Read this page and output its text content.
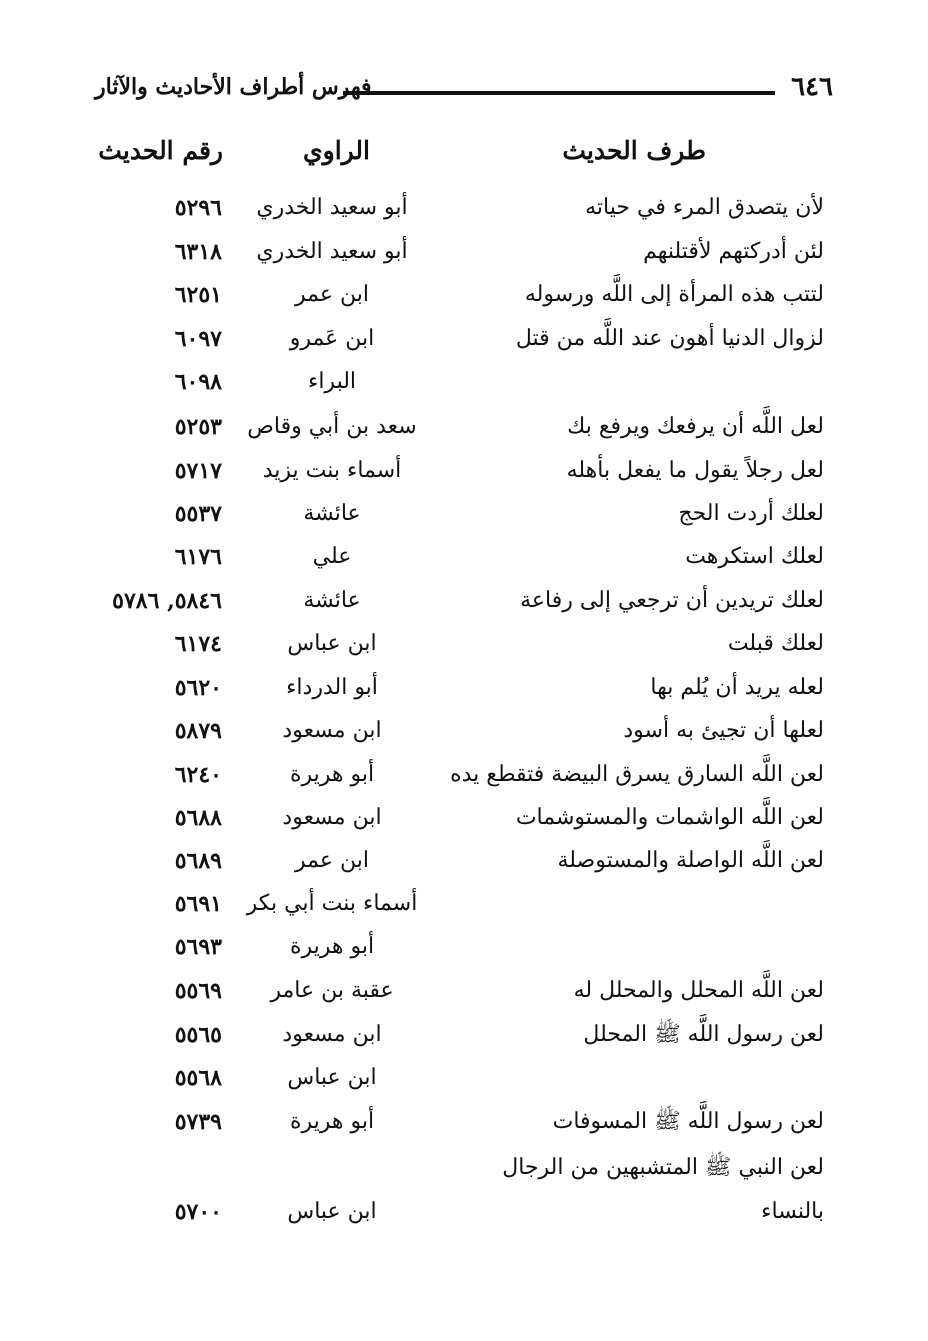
٦٤٦
فهرس أطراف الأحاديث والآثار
طرف الحديث
الراوي
رقم الحديث
لأن يتصدق المرء في حياته
أبو سعيد الخدري
٥٢٩٦
لئن أدركتهم لأقتلنهم
أبو سعيد الخدري
٦٣١٨
لتتب هذه المرأة إلى اللَّه ورسوله
ابن عمر
٦٢٥١
لزوال الدنيا أهون عند اللَّه من قتل
ابن عَمرو
٦٠٩٧
البراء
٦٠٩٨
لعل اللَّه أن يرفعك ويرفع بك
سعد بن أبي وقاص
٥٢٥٣
لعل رجلاً يقول ما يفعل بأهله
أسماء بنت يزيد
٥٧١٧
لعلك أردت الحج
عائشة
٥٥٣٧
لعلك استكرهت
علي
٦١٧٦
لعلك تريدين أن ترجعي إلى رفاعة
عائشة
٥٨٤٦, ٥٧٨٦
لعلك قبلت
ابن عباس
٦١٧٤
لعله يريد أن يُلم بها
أبو الدرداء
٥٦٢٠
لعلها أن تجيئ به أسود
ابن مسعود
٥٨٧٩
لعن اللَّه السارق يسرق البيضة فتقطع يده
أبو هريرة
٦٢٤٠
لعن اللَّه الواشمات والمستوشمات
ابن مسعود
٥٦٨٨
لعن اللَّه الواصلة والمستوصلة
ابن عمر
٥٦٨٩
أسماء بنت أبي بكر
٥٦٩١
أبو هريرة
٥٦٩٣
لعن اللَّه المحلل والمحلل له
عقبة بن عامر
٥٥٦٩
لعن رسول اللَّه ﷺ المحلل
ابن مسعود
٥٥٦٥
ابن عباس
٥٥٦٨
لعن رسول اللَّه ﷺ المسوفات
أبو هريرة
٥٧٣٩
لعن النبي ﷺ المتشبهين من الرجال
بالنساء
ابن عباس
٥٧٠٠
